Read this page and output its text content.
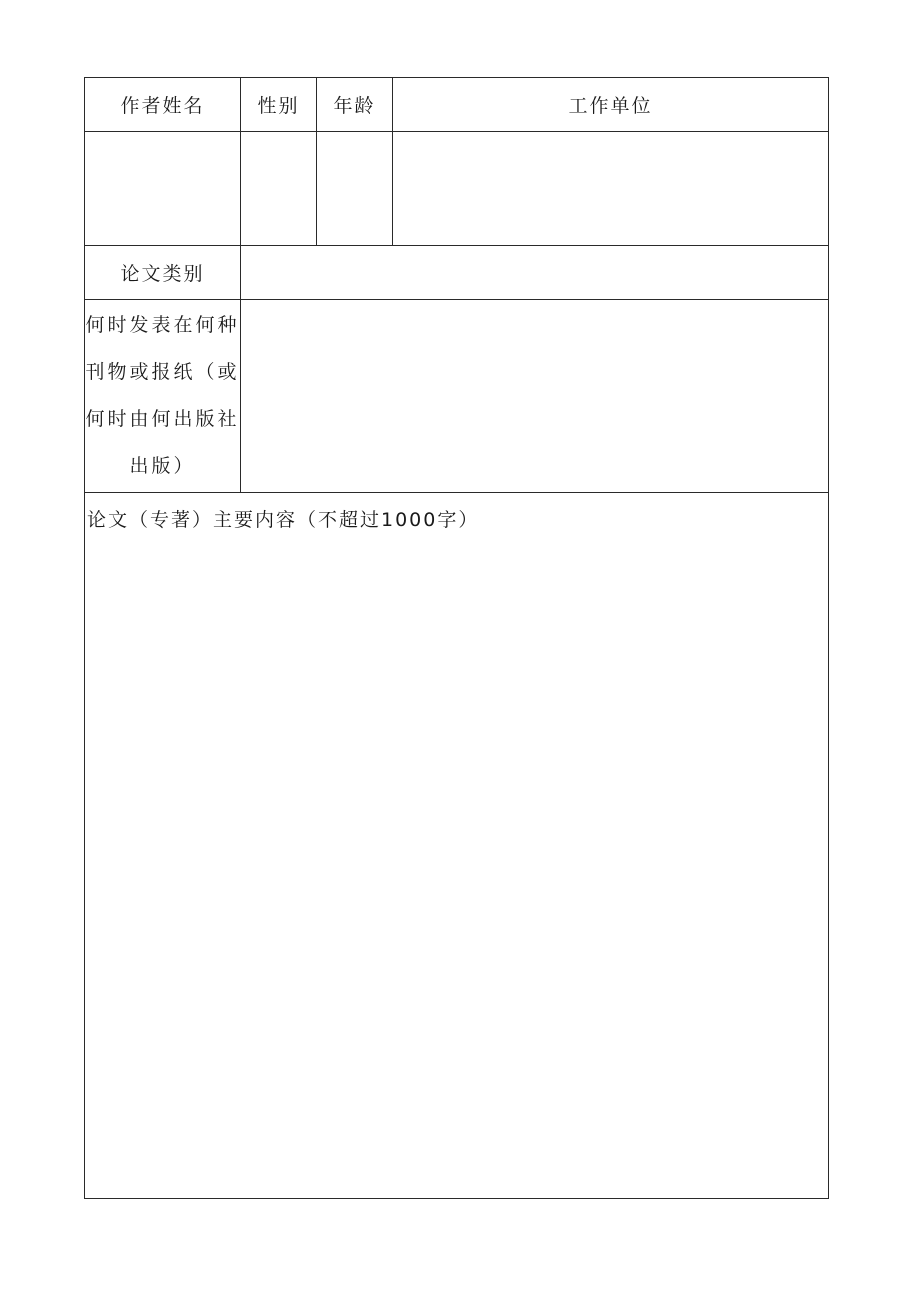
作者姓名	性别	年龄	工作单位

论文类别			
何时发表在何种刊物或报纸（或何时由何出版社出版）			

论文（专著）主要内容（不超过1000字）			
